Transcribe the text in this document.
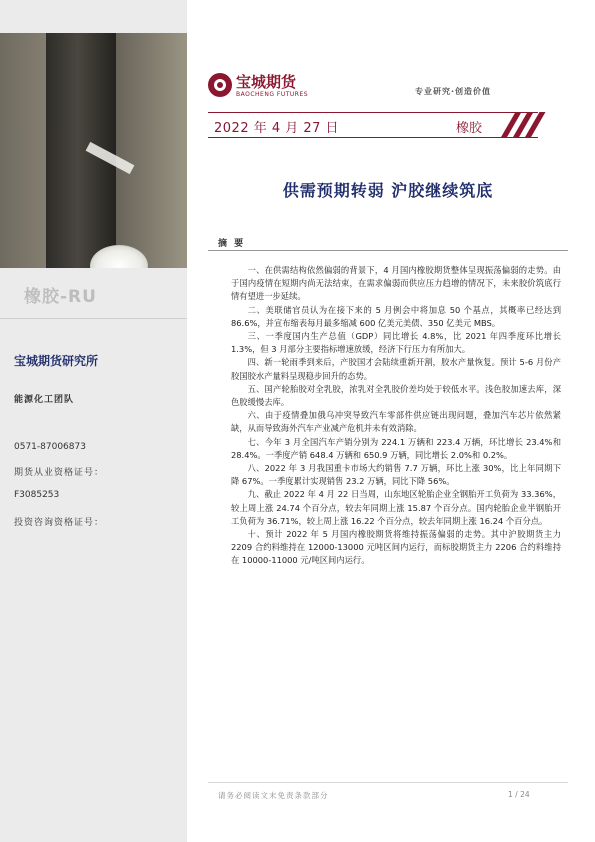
橡胶-RU
宝城期货研究所
能源化工团队
0571-87006873
期货从业资格证号：
F3085253
投资咨询资格证号：
宝城期货
BAOCHENG FUTURES	专业研究·创造价值
2022 年 4 月 27 日	橡胶
供需预期转弱 沪胶继续筑底
摘 要

一、在供需结构依然偏弱的背景下，4 月国内橡胶期货整体呈现振荡偏弱的走势。由于国内疫情在短期内尚无法结束，在需求偏弱而供应压力趋增的情况下，未来胶价筑底行情有望进一步延续。

二、美联储官员认为在接下来的 5 月例会中将加息 50 个基点，其概率已经达到 86.6%，并宣布缩表每月最多缩减 600 亿美元美债、350 亿美元 MBS。

三、一季度国内生产总值（GDP）同比增长 4.8%，比 2021 年四季度环比增长 1.3%，但 3 月部分主要指标增速放缓，经济下行压力有所加大。

四、新一轮雨季到来后，产胶国才会陆续重新开割，胶水产量恢复。预计 5-6 月份产胶国胶水产量料呈现稳步回升的态势。

五、国产轮胎胶对全乳胶，浓乳对全乳胶价差均处于较低水平。浅色胶加速去库，深色胶缓慢去库。

六、由于疫情叠加俄乌冲突导致汽车零部件供应链出现问题，叠加汽车芯片依然紧缺，从而导致海外汽车产业减产危机并未有效消除。

七、今年 3 月全国汽车产销分别为 224.1 万辆和 223.4 万辆，环比增长 23.4%和 28.4%。一季度产销 648.4 万辆和 650.9 万辆，同比增长 2.0%和 0.2%。

八、2022 年 3 月我国重卡市场大约销售 7.7 万辆，环比上涨 30%，比上年同期下降 67%。一季度累计实现销售 23.2 万辆，同比下降 56%。

九、截止 2022 年 4 月 22 日当周，山东地区轮胎企业全钢胎开工负荷为 33.36%，较上周上涨 24.74 个百分点，较去年同期上涨 15.87 个百分点。国内轮胎企业半钢胎开工负荷为 36.71%，较上周上涨 16.22 个百分点，较去年同期上涨 16.24 个百分点。

十、预计 2022 年 5 月国内橡胶期货将维持振荡偏弱的走势。其中沪胶期货主力 2209 合约料维持在 12000-13000 元吨区间内运行，而标胶期货主力 2206 合约料维持在 10000-11000 元/吨区间内运行。

请务必阅读文末免责条款部分	1 / 24
